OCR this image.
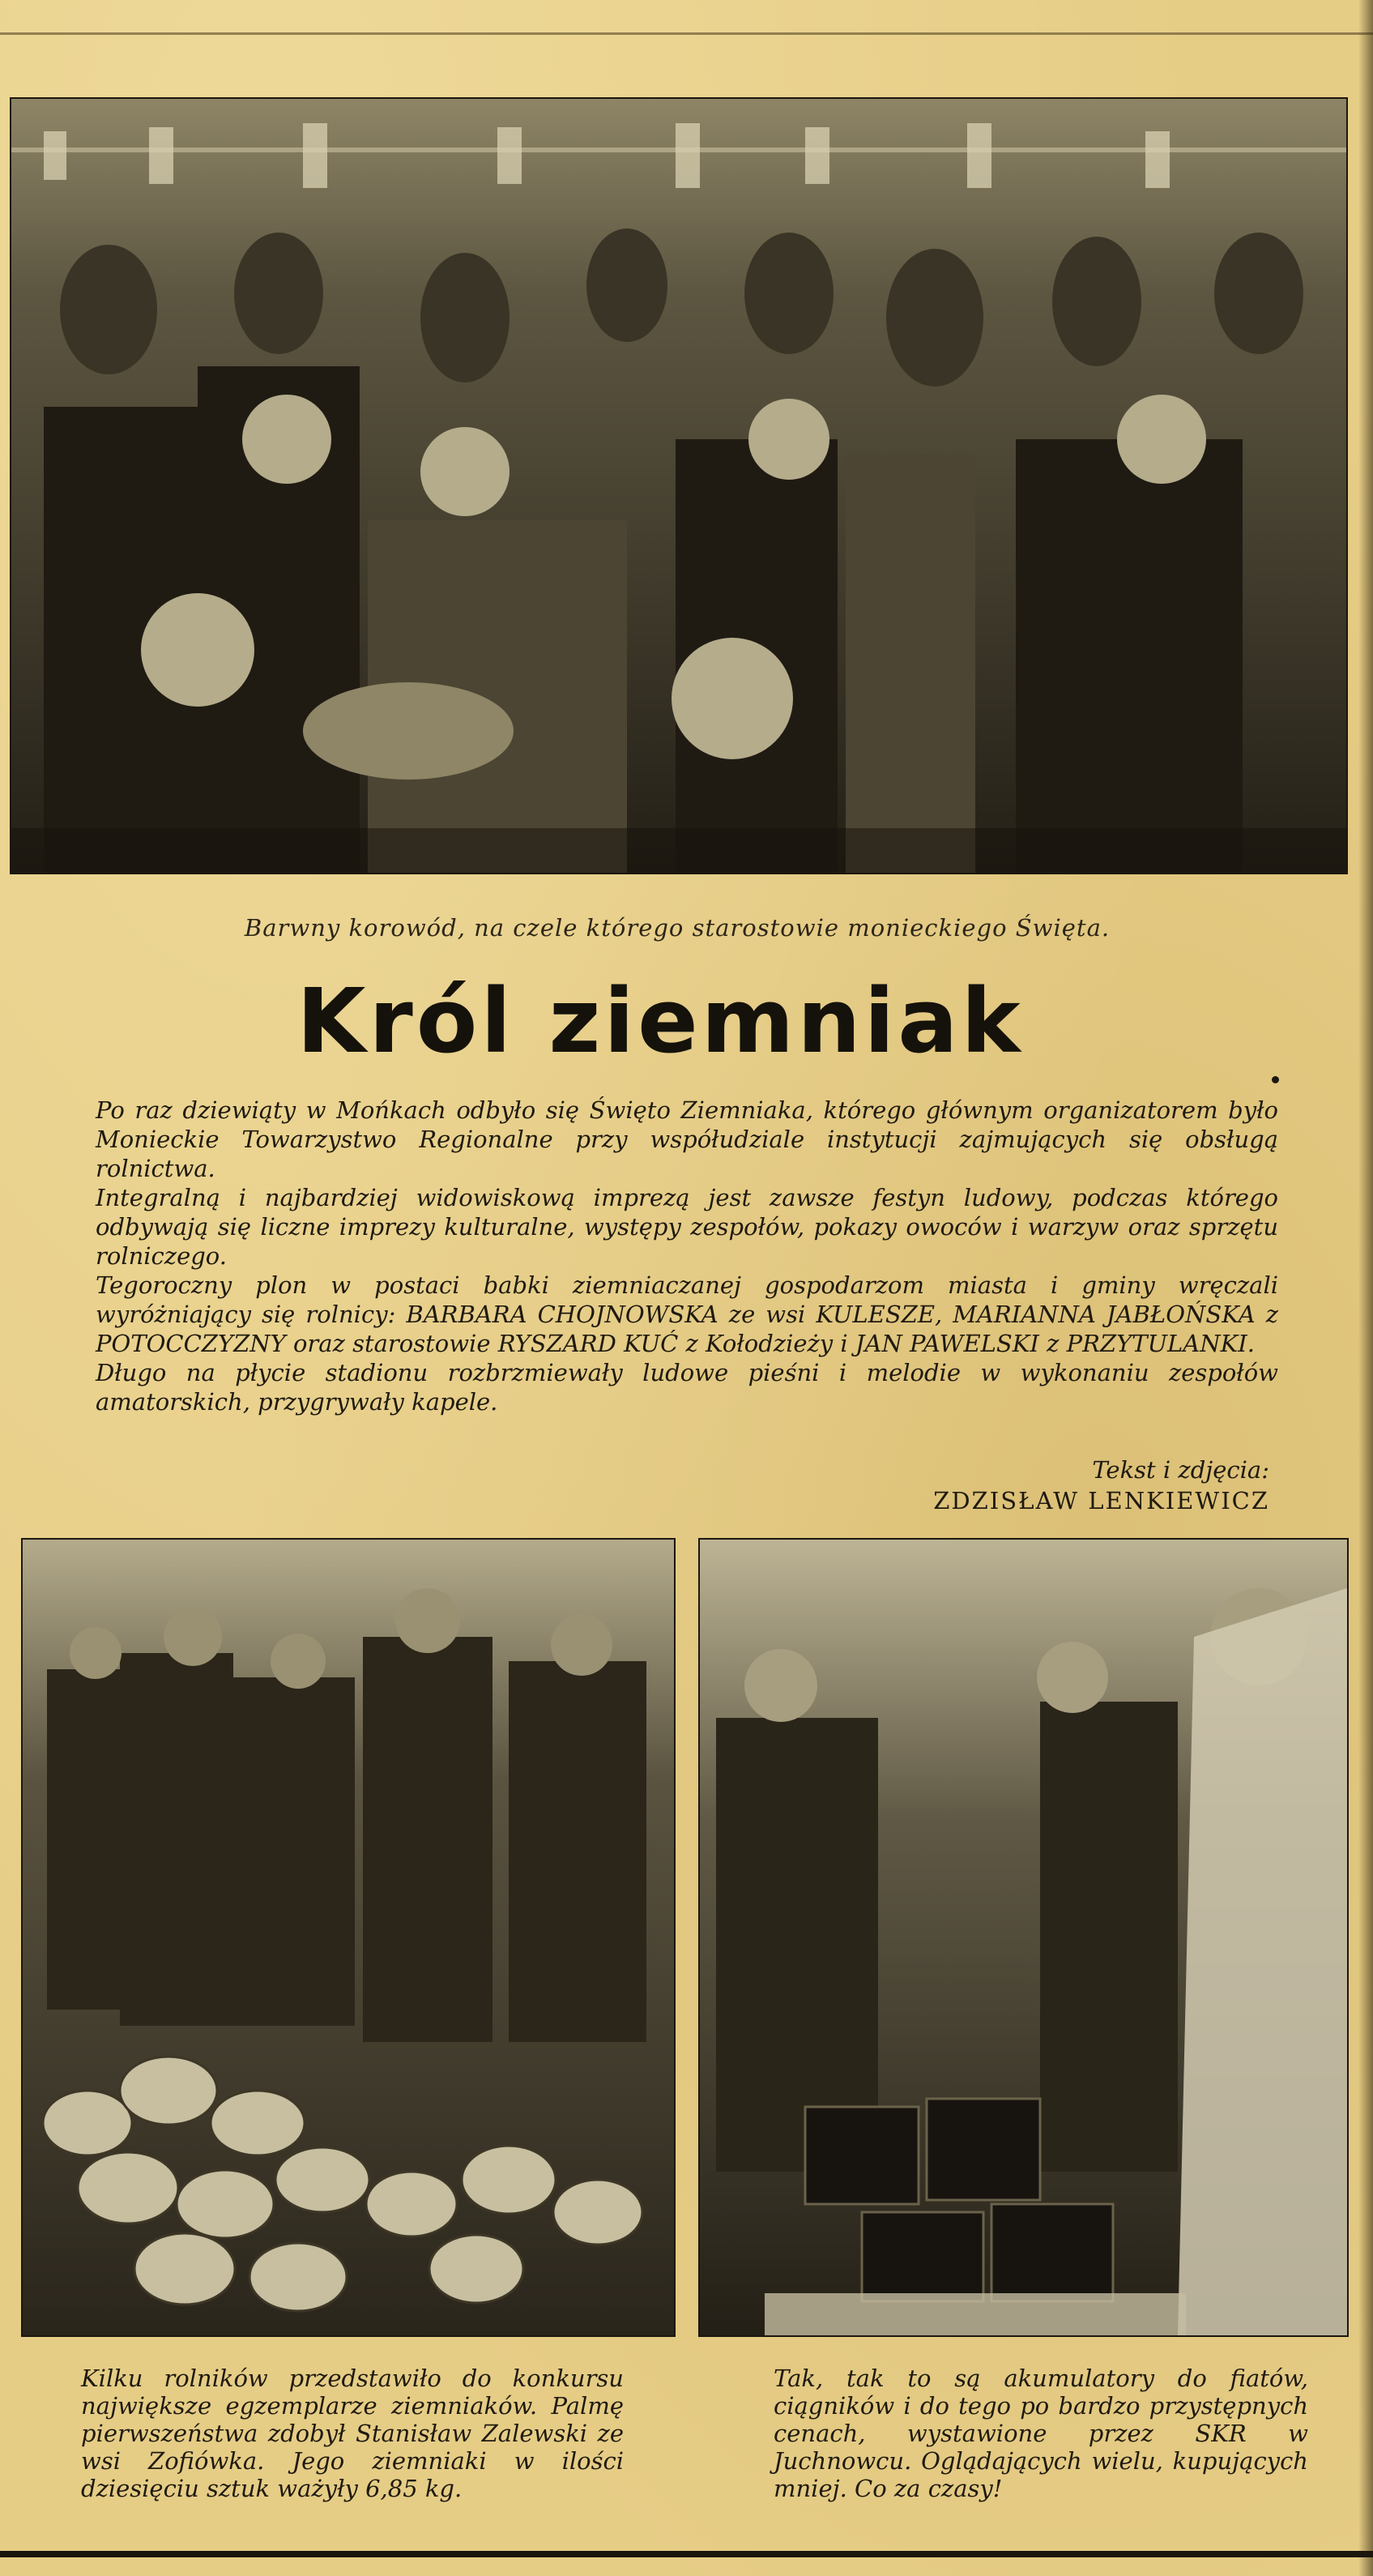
Barwny korowód, na czele którego starostowie monieckiego Święta.
Król ziemniak

Po raz dziewiąty w Mońkach odbyło się Święto Ziemniaka, którego głównym organizatorem było Monieckie Towarzystwo Regionalne przy współudziale instytucji zajmujących się obsługą rolnictwa.

Integralną i najbardziej widowiskową imprezą jest zawsze festyn ludowy, podczas którego odbywają się liczne imprezy kulturalne, występy zespołów, pokazy owoców i warzyw oraz sprzętu rolniczego.

Tegoroczny plon w postaci babki ziemniaczanej gospodarzom miasta i gminy wręczali wyróżniający się rolnicy: BARBARA CHOJNOWSKA ze wsi KULESZE, MARIANNA JABŁOŃSKA z POTOCCZYZNY oraz starostowie RYSZARD KUĆ z Kołodzieży i JAN PAWELSKI z PRZYTULANKI.

Długo na płycie stadionu rozbrzmiewały ludowe pieśni i melodie w wykonaniu zespołów amatorskich, przygrywały kapele.

Tekst i zdjęcia:
ZDZISŁAW LENKIEWICZ
Kilku rolników przedstawiło do konkursu największe egzemplarze ziemniaków. Palmę pierwszeństwa zdobył Stanisław Zalewski ze wsi Zofiówka. Jego ziemniaki w ilości dziesięciu sztuk ważyły 6,85 kg.
Tak, tak to są akumulatory do fiatów, ciągników i do tego po bardzo przystępnych cenach, wystawione przez SKR w Juchnowcu. Oglądających wielu, kupujących mniej. Co za czasy!
